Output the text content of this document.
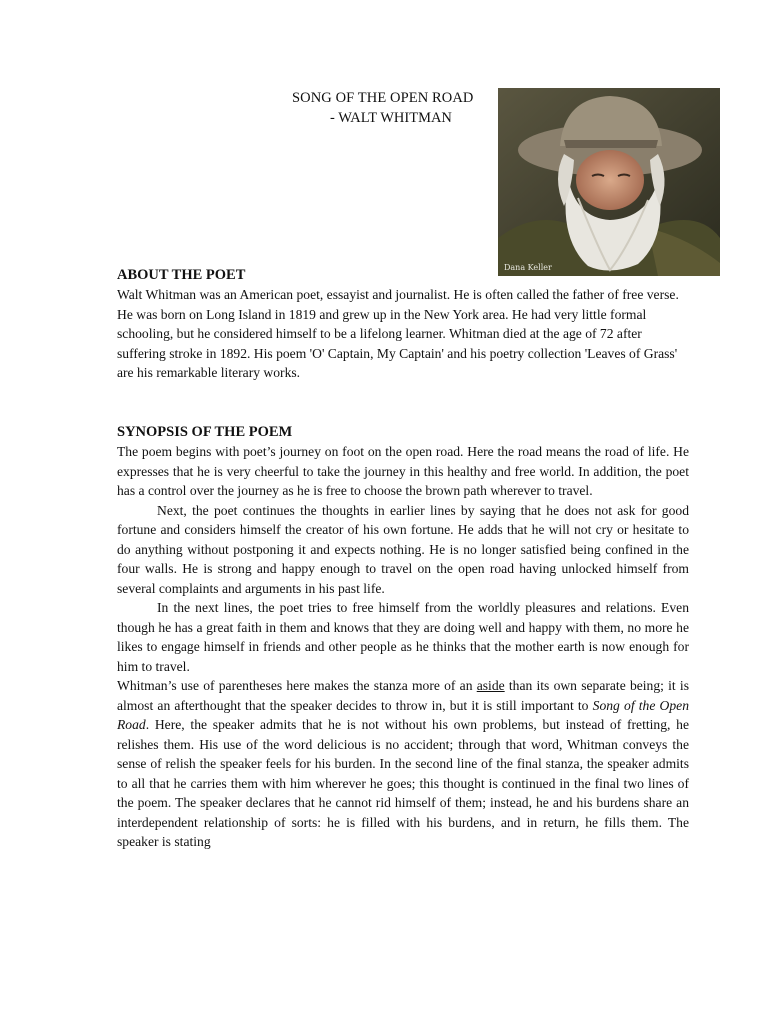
SONG OF THE OPEN ROAD
- WALT WHITMAN
Dana Keller
ABOUT THE POET

Walt Whitman was an American poet, essayist and journalist. He is often called the father of free verse. He was born on Long Island in 1819 and grew up in the New York area. He had very little formal schooling, but he considered himself to be a lifelong learner. Whitman died at the age of 72 after suffering stroke in 1892. His poem 'O' Captain, My Captain' and his poetry collection 'Leaves of Grass' are his remarkable literary works.

SYNOPSIS OF THE POEM

The poem begins with poet’s journey on foot on the open road. Here the road means the road of life. He expresses that he is very cheerful to take the journey in this healthy and free world. In addition, the poet has a control over the journey as he is free to choose the brown path wherever to travel.

Next, the poet continues the thoughts in earlier lines by saying that he does not ask for good fortune and considers himself the creator of his own fortune. He adds that he will not cry or hesitate to do anything without postponing it and expects nothing. He is no longer satisfied being confined in the four walls. He is strong and happy enough to travel on the open road having unlocked himself from several complaints and arguments in his past life.

In the next lines, the poet tries to free himself from the worldly pleasures and relations. Even though he has a great faith in them and knows that they are doing well and happy with them, no more he likes to engage himself in friends and other people as he thinks that the mother earth is now enough for him to travel.

Whitman’s use of parentheses here makes the stanza more of an aside than its own separate being; it is almost an afterthought that the speaker decides to throw in, but it is still important to Song of the Open Road. Here, the speaker admits that he is not without his own problems, but instead of fretting, he relishes them. His use of the word delicious is no accident; through that word, Whitman conveys the sense of relish the speaker feels for his burden. In the second line of the final stanza, the speaker admits to all that he carries them with him wherever he goes; this thought is continued in the final two lines of the poem. The speaker declares that he cannot rid himself of them; instead, he and his burdens share an interdependent relationship of sorts: he is filled with his burdens, and in return, he fills them. The speaker is stating
